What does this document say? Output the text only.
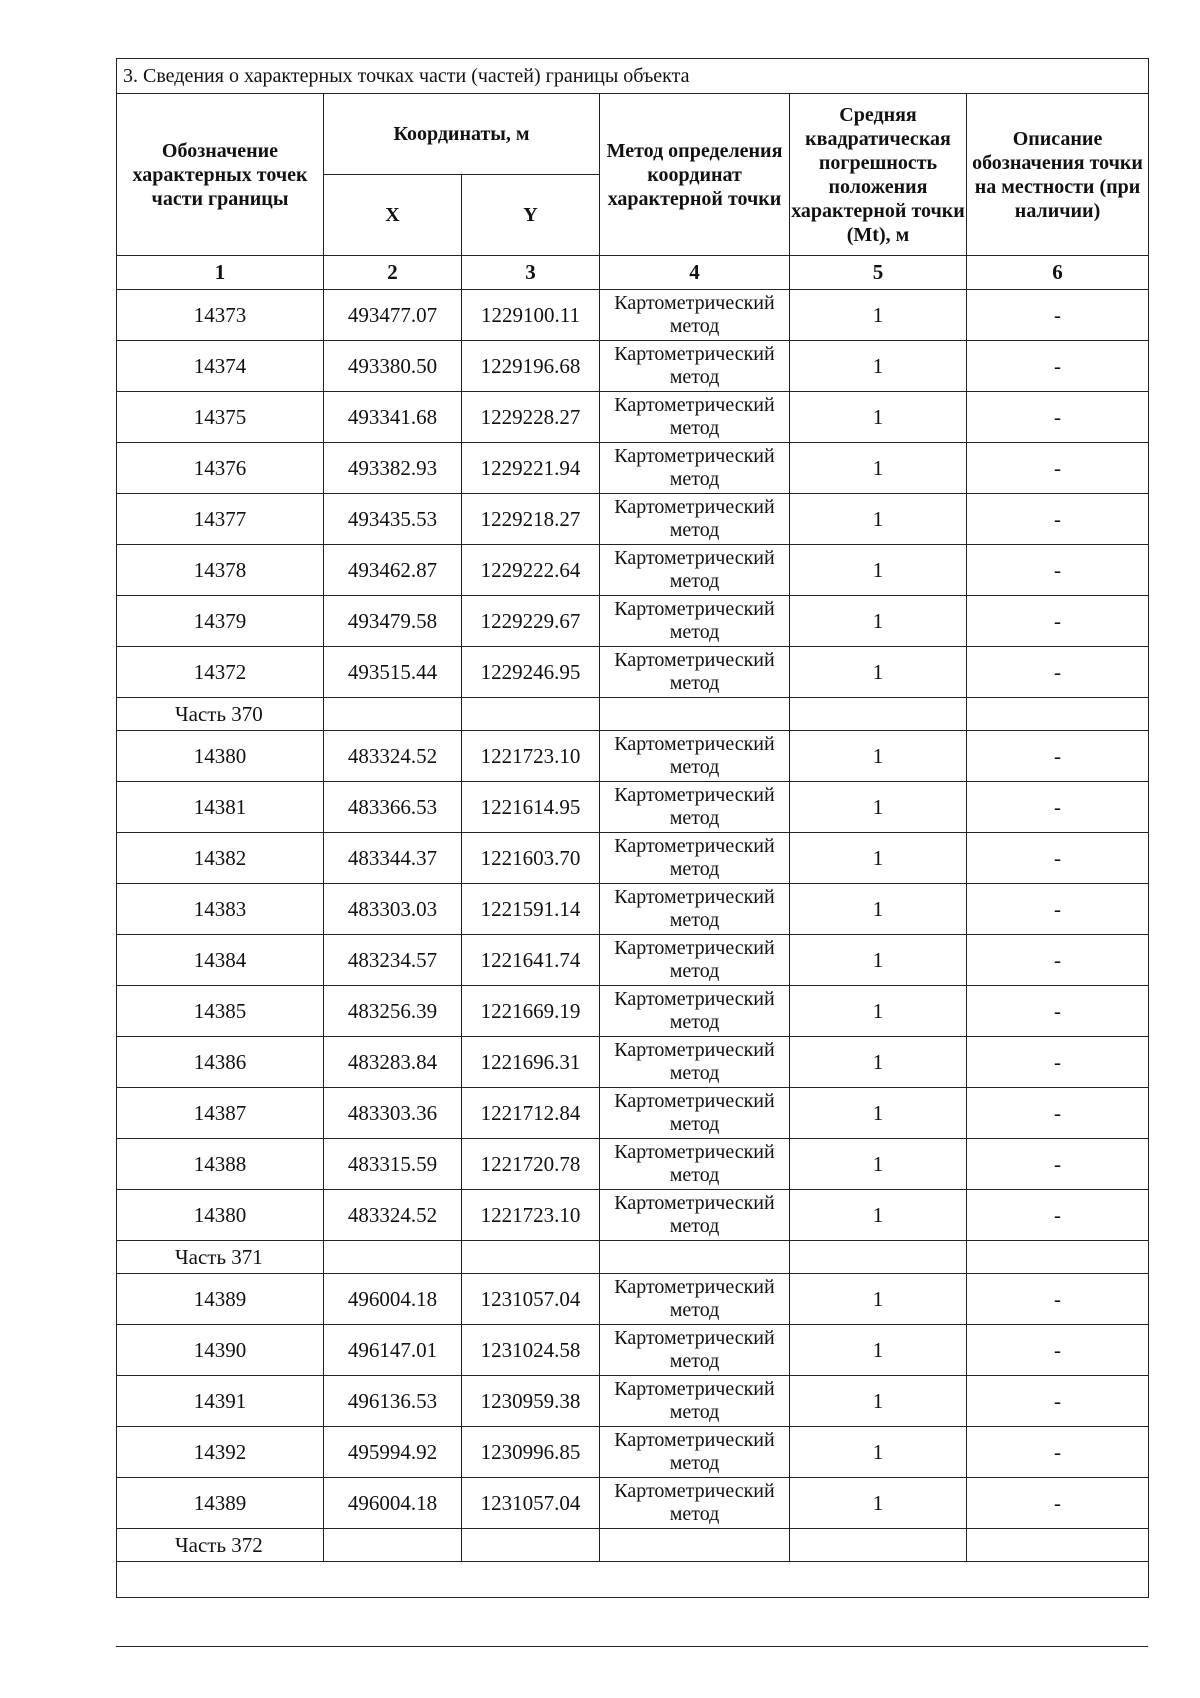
3. Сведения о характерных точках части (частей) границы объекта					
Обозначение характерных точек части границы	Координаты, м		Метод определения координат характерной точки	Средняя квадратическая погрешность положения характерной точки (Mt), м	Описание обозначения точки на местности (при наличии)
	X	Y			
1	2	3	4	5	6
14373	493477.07	1229100.11	Картометрический метод	1	-
14374	493380.50	1229196.68	Картометрический метод	1	-
14375	493341.68	1229228.27	Картометрический метод	1	-
14376	493382.93	1229221.94	Картометрический метод	1	-
14377	493435.53	1229218.27	Картометрический метод	1	-
14378	493462.87	1229222.64	Картометрический метод	1	-
14379	493479.58	1229229.67	Картометрический метод	1	-
14372	493515.44	1229246.95	Картометрический метод	1	-
Часть 370					
14380	483324.52	1221723.10	Картометрический метод	1	-
14381	483366.53	1221614.95	Картометрический метод	1	-
14382	483344.37	1221603.70	Картометрический метод	1	-
14383	483303.03	1221591.14	Картометрический метод	1	-
14384	483234.57	1221641.74	Картометрический метод	1	-
14385	483256.39	1221669.19	Картометрический метод	1	-
14386	483283.84	1221696.31	Картометрический метод	1	-
14387	483303.36	1221712.84	Картометрический метод	1	-
14388	483315.59	1221720.78	Картометрический метод	1	-
14380	483324.52	1221723.10	Картометрический метод	1	-
Часть 371					
14389	496004.18	1231057.04	Картометрический метод	1	-
14390	496147.01	1231024.58	Картометрический метод	1	-
14391	496136.53	1230959.38	Картометрический метод	1	-
14392	495994.92	1230996.85	Картометрический метод	1	-
14389	496004.18	1231057.04	Картометрический метод	1	-
Часть 372					
